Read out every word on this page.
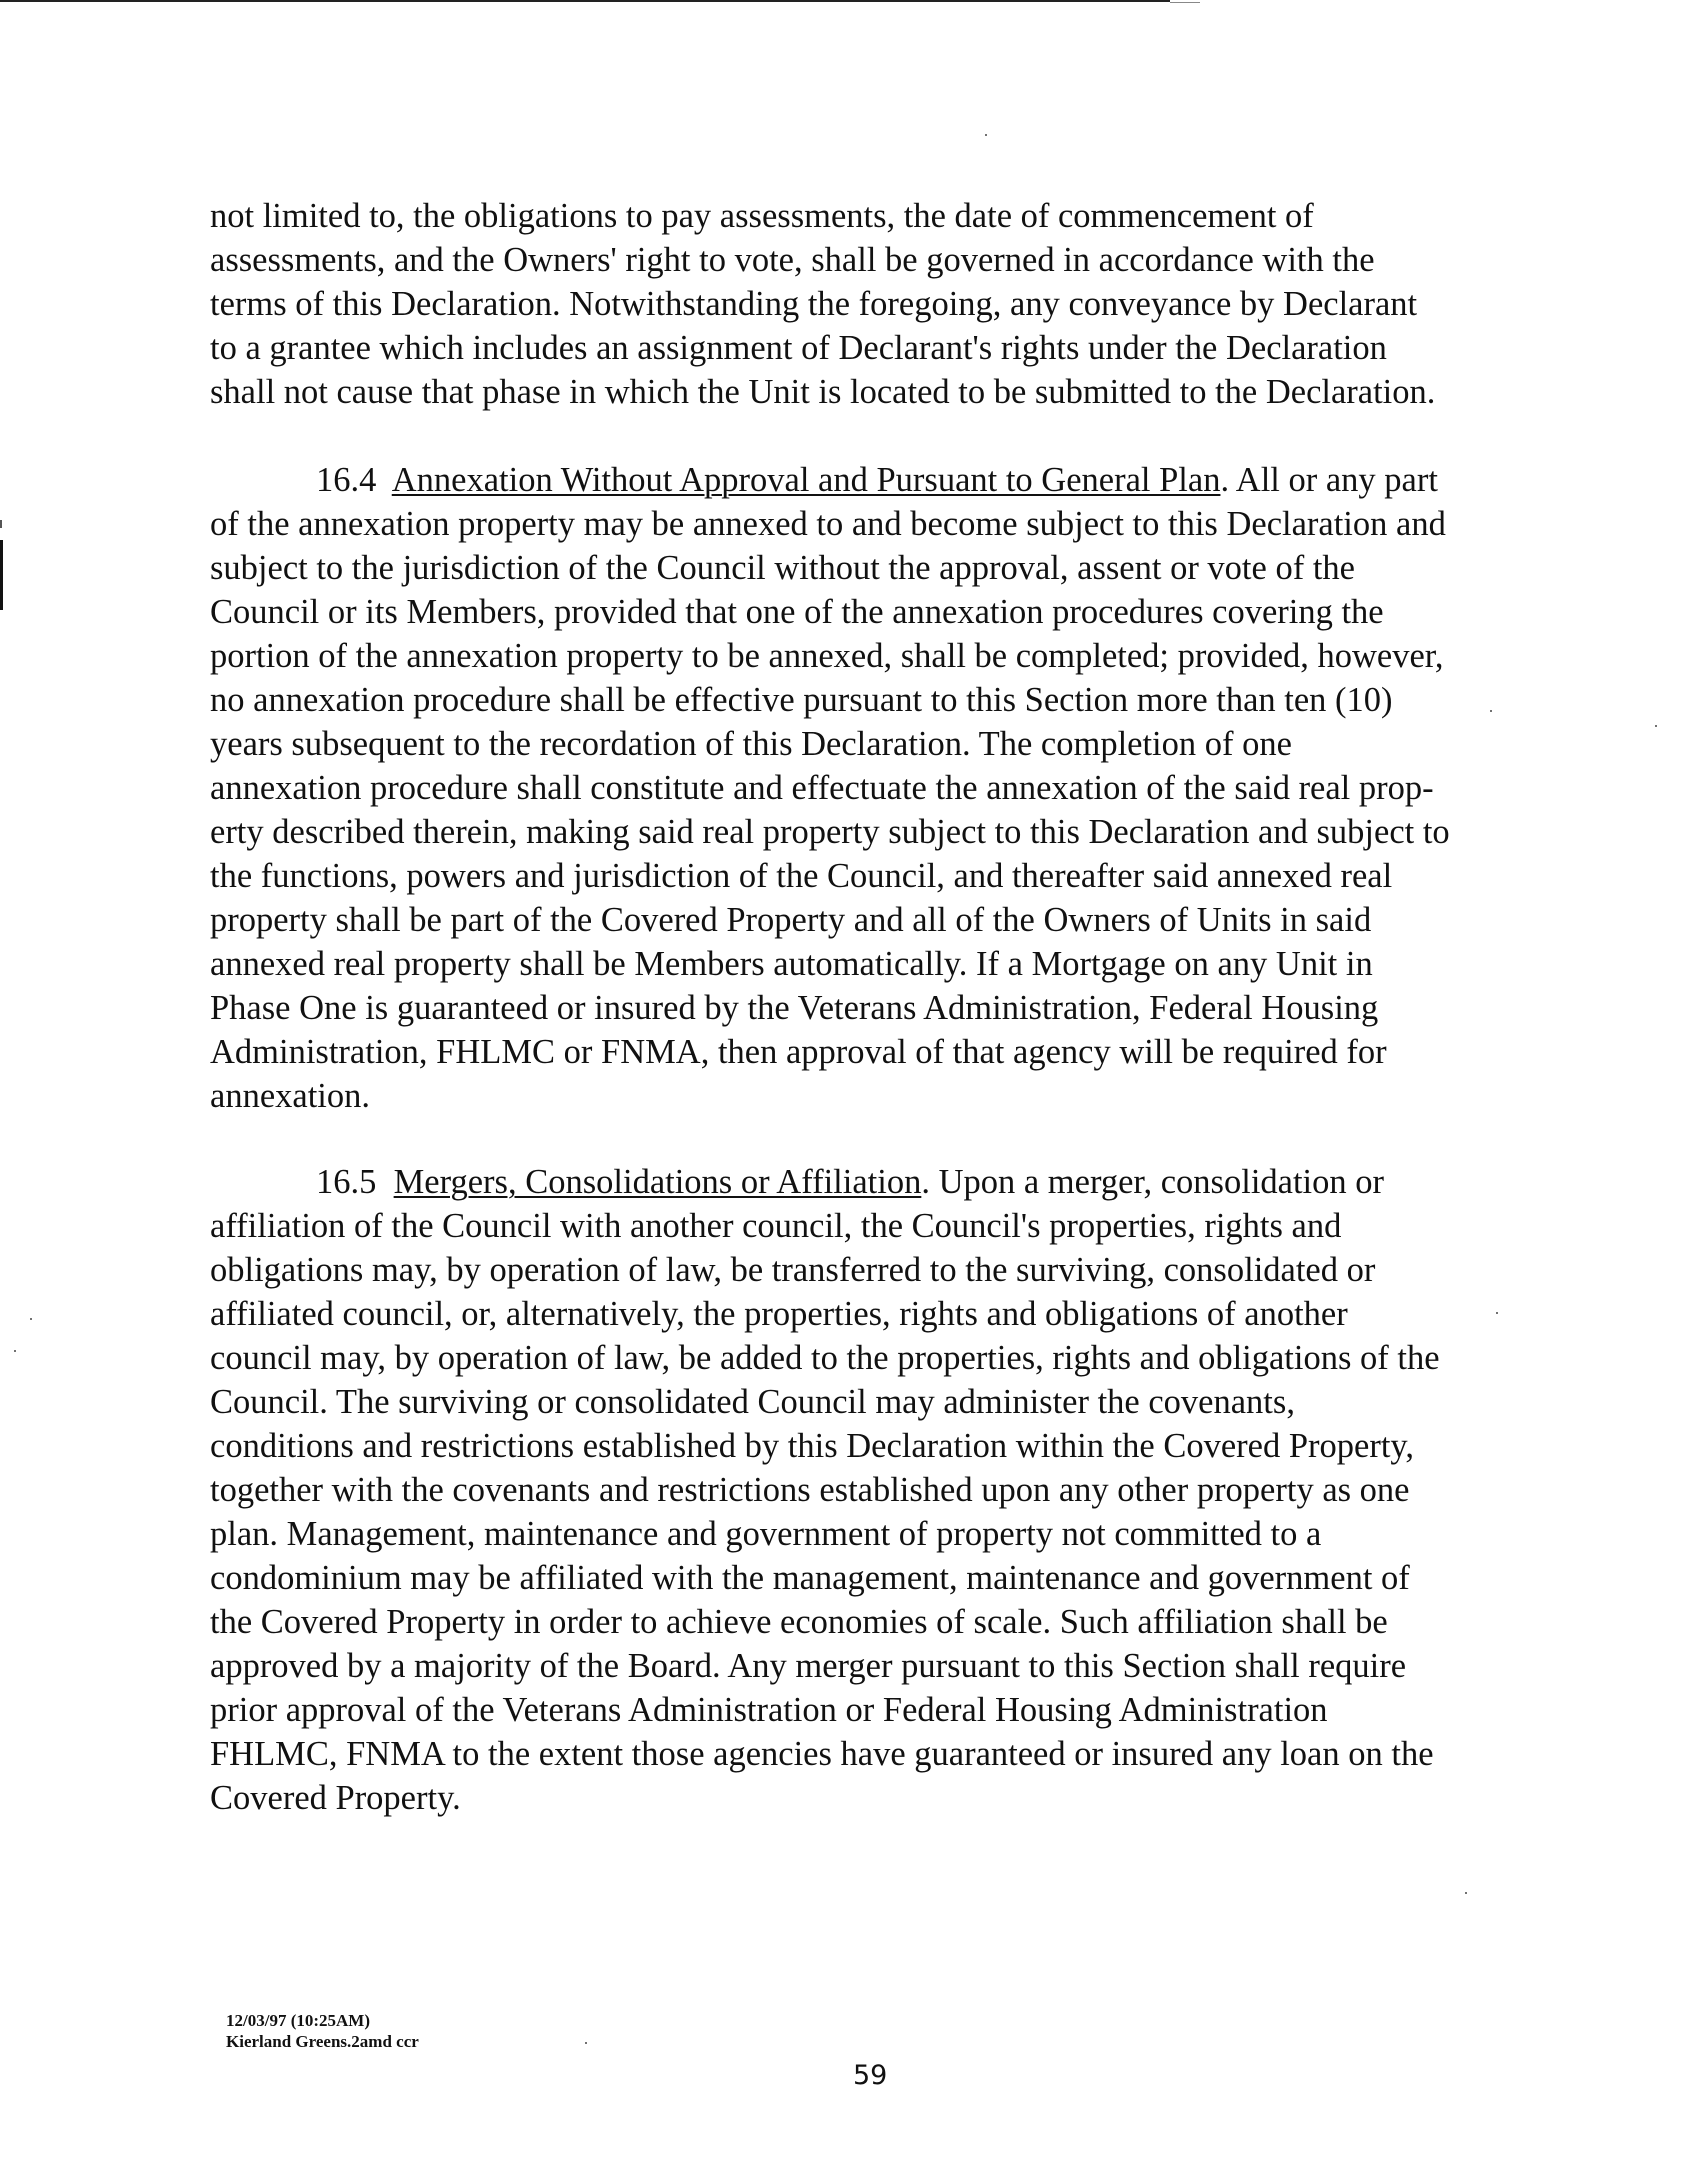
not limited to, the obligations to pay assessments, the date of commencement of
assessments, and the Owners' right to vote, shall be governed in accordance with the
terms of this Declaration. Notwithstanding the foregoing, any conveyance by Declarant
to a grantee which includes an assignment of Declarant's rights under the Declaration
shall not cause that phase in which the Unit is located to be submitted to the Declaration.
16.4 Annexation Without Approval and Pursuant to General Plan. All or any part
of the annexation property may be annexed to and become subject to this Declaration and
subject to the jurisdiction of the Council without the approval, assent or vote of the
Council or its Members, provided that one of the annexation procedures covering the
portion of the annexation property to be annexed, shall be completed; provided, however,
no annexation procedure shall be effective pursuant to this Section more than ten (10)
years subsequent to the recordation of this Declaration. The completion of one
annexation procedure shall constitute and effectuate the annexation of the said real prop-
erty described therein, making said real property subject to this Declaration and subject to
the functions, powers and jurisdiction of the Council, and thereafter said annexed real
property shall be part of the Covered Property and all of the Owners of Units in said
annexed real property shall be Members automatically. If a Mortgage on any Unit in
Phase One is guaranteed or insured by the Veterans Administration, Federal Housing
Administration, FHLMC or FNMA, then approval of that agency will be required for
annexation.
16.5 Mergers, Consolidations or Affiliation. Upon a merger, consolidation or
affiliation of the Council with another council, the Council's properties, rights and
obligations may, by operation of law, be transferred to the surviving, consolidated or
affiliated council, or, alternatively, the properties, rights and obligations of another
council may, by operation of law, be added to the properties, rights and obligations of the
Council. The surviving or consolidated Council may administer the covenants,
conditions and restrictions established by this Declaration within the Covered Property,
together with the covenants and restrictions established upon any other property as one
plan. Management, maintenance and government of property not committed to a
condominium may be affiliated with the management, maintenance and government of
the Covered Property in order to achieve economies of scale. Such affiliation shall be
approved by a majority of the Board. Any merger pursuant to this Section shall require
prior approval of the Veterans Administration or Federal Housing Administration
FHLMC, FNMA to the extent those agencies have guaranteed or insured any loan on the
Covered Property.
12/03/97 (10:25AM)
Kierland Greens.2amd ccr
59
